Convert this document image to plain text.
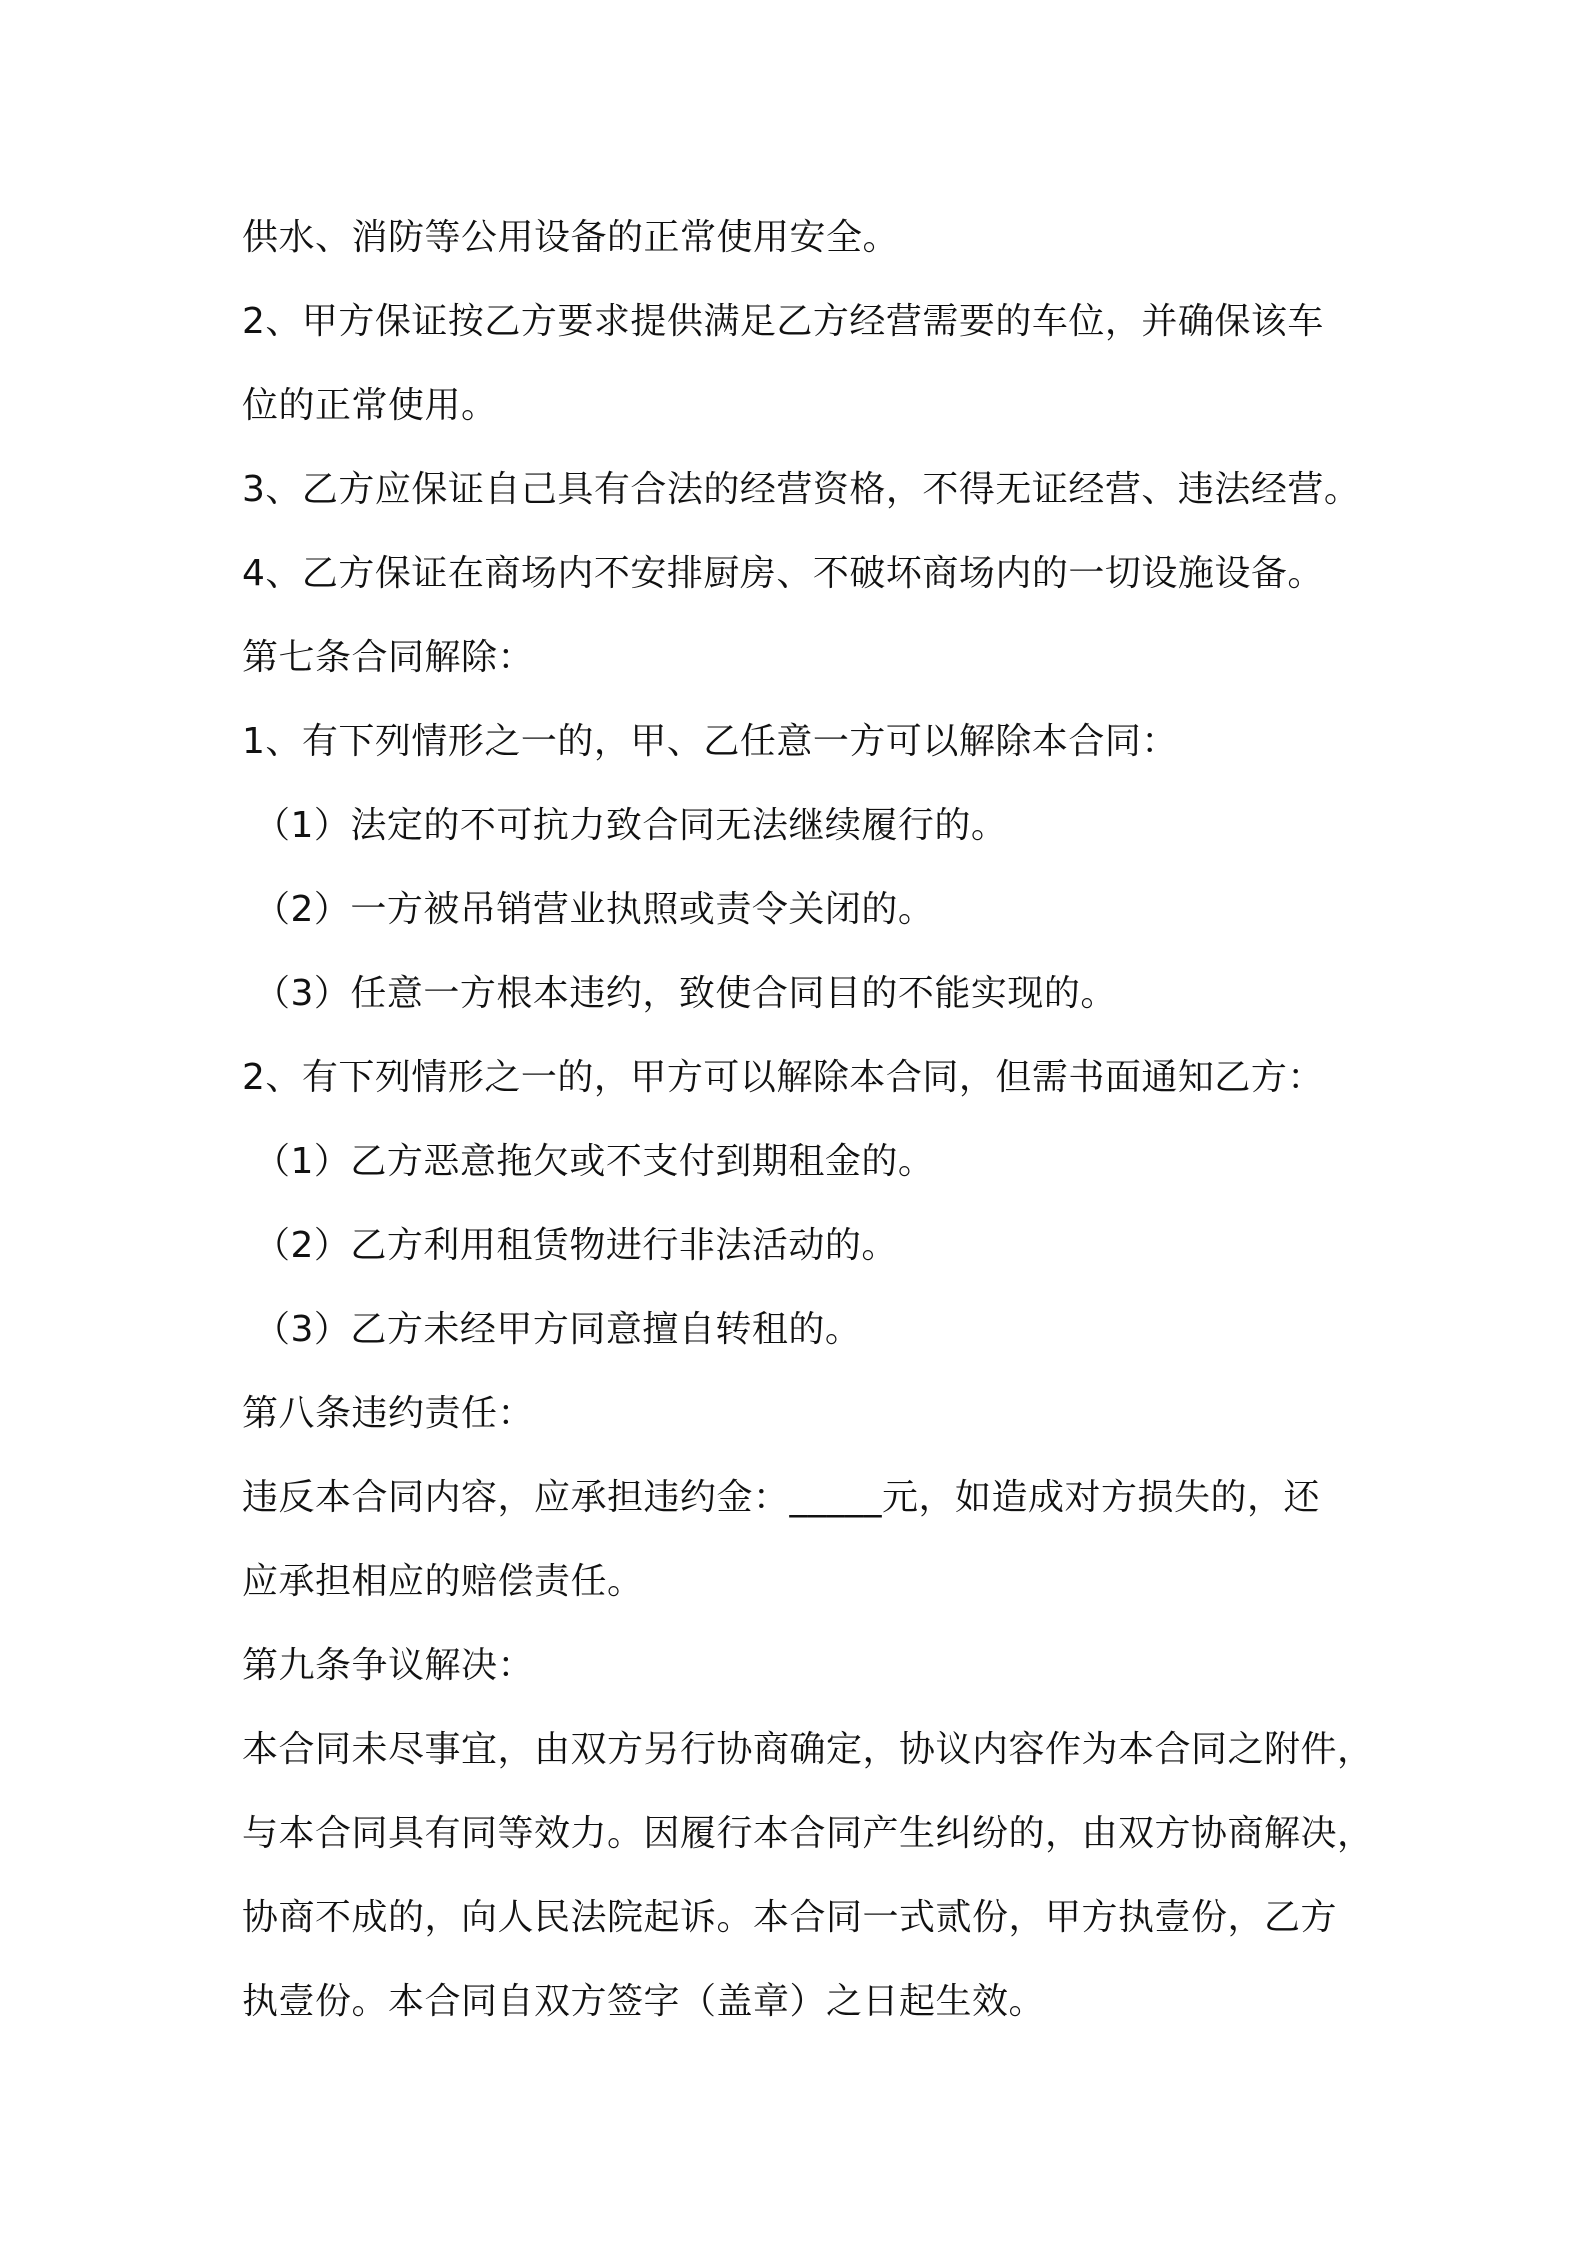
供水、消防等公用设备的正常使用安全。
2、甲方保证按乙方要求提供满足乙方经营需要的车位，并确保该车
位的正常使用。
3、乙方应保证自己具有合法的经营资格，不得无证经营、违法经营。
4、乙方保证在商场内不安排厨房、不破坏商场内的一切设施设备。
第七条合同解除：
1、有下列情形之一的，甲、乙任意一方可以解除本合同：
（1）法定的不可抗力致合同无法继续履行的。
（2）一方被吊销营业执照或责令关闭的。
（3）任意一方根本违约，致使合同目的不能实现的。
2、有下列情形之一的，甲方可以解除本合同，但需书面通知乙方：
（1）乙方恶意拖欠或不支付到期租金的。
（2）乙方利用租赁物进行非法活动的。
（3）乙方未经甲方同意擅自转租的。
第八条违约责任：
违反本合同内容，应承担违约金：_____元，如造成对方损失的，还
应承担相应的赔偿责任。
第九条争议解决：
本合同未尽事宜，由双方另行协商确定，协议内容作为本合同之附件，
与本合同具有同等效力。因履行本合同产生纠纷的，由双方协商解决，
协商不成的，向人民法院起诉。本合同一式贰份，甲方执壹份，乙方
执壹份。本合同自双方签字（盖章）之日起生效。
